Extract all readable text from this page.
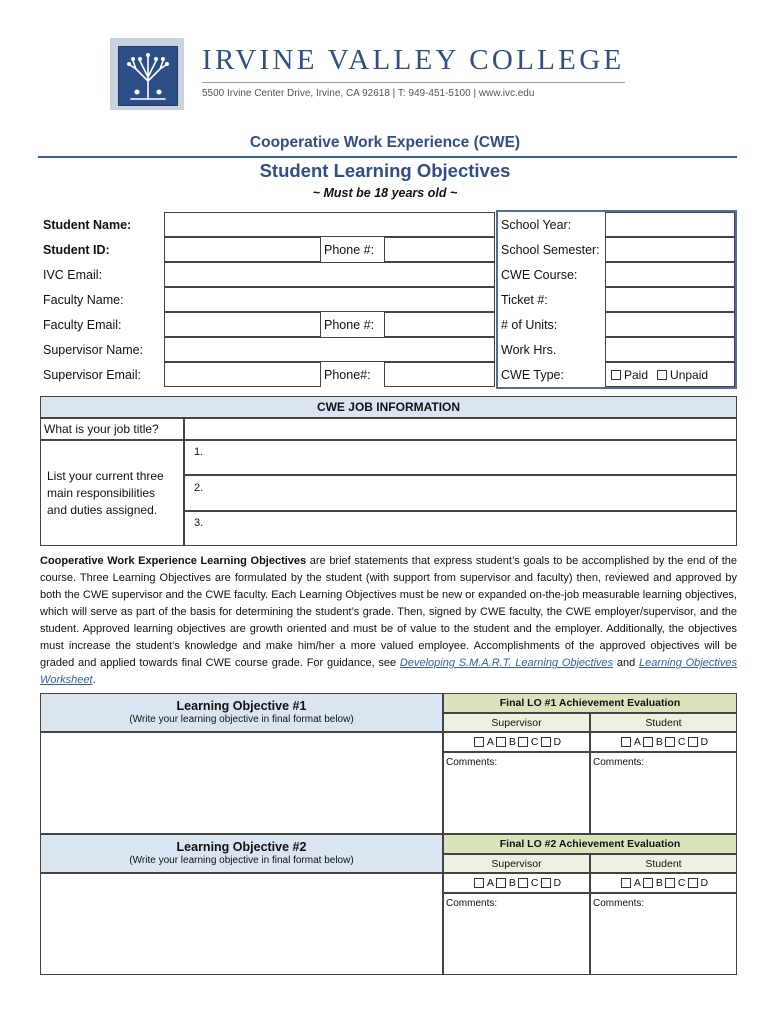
IRVINE VALLEY COLLEGE
5500 Irvine Center Drive, Irvine, CA 92618 | T: 949-451-5100 | www.ivc.edu
Cooperative Work Experience (CWE)
Student Learning Objectives
~ Must be 18 years old ~
Student Name:
Student ID:	Phone #:
IVC Email:
Faculty Name:
Faculty Email:	Phone #:
Supervisor Name:
Supervisor Email:	Phone#:
School Year:
School Semester:
CWE Course:
Ticket #:
# of Units:
Work Hrs.
CWE Type:	Paid Unpaid
CWE JOB INFORMATION
What is your job title?
List your current three main responsibilities and duties assigned.
1.
2.
3.
Cooperative Work Experience Learning Objectives are brief statements that express student’s goals to be accomplished by the end of the course. Three Learning Objectives are formulated by the student (with support from supervisor and faculty) then, reviewed and approved by both the CWE supervisor and the CWE faculty. Each Learning Objectives must be new or expanded on-the-job measurable learning objectives, which will serve as part of the basis for determining the student’s grade. Then, signed by CWE faculty, the CWE employer/supervisor, and the student. Approved learning objectives are growth oriented and must be of value to the student and the employer. Additionally, the objectives must increase the student’s knowledge and make him/her a more valued employee. Accomplishments of the approved objectives will be graded and applied towards final CWE course grade. For guidance, see Developing S.M.A.R.T. Learning Objectives and Learning Objectives Worksheet.
Learning Objective #1
(Write your learning objective in final format below)
Final LO #1 Achievement Evaluation
Supervisor	Student
A B C D	A B C D
Comments:	Comments:
Learning Objective #2
(Write your learning objective in final format below)
Final LO #2 Achievement Evaluation
Supervisor	Student
A B C D	A B C D
Comments:	Comments:
